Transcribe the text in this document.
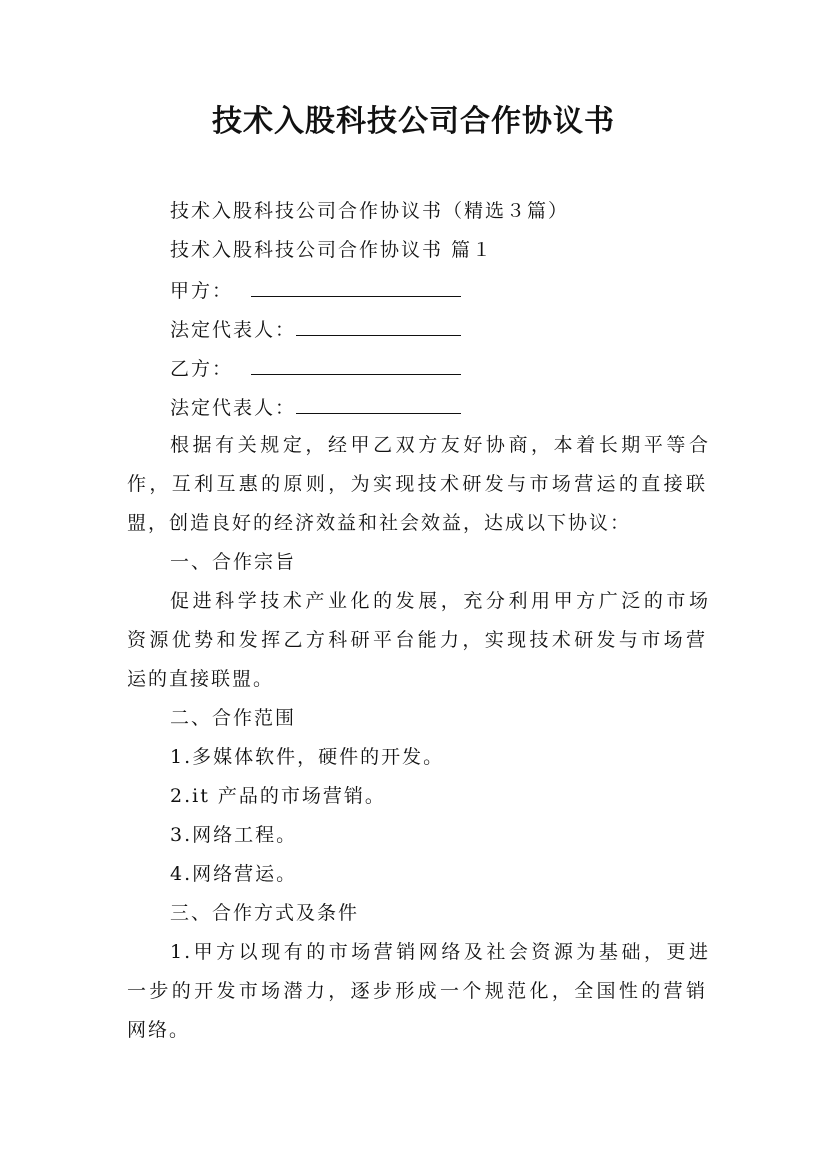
技术入股科技公司合作协议书
技术入股科技公司合作协议书（精选３篇）
技术入股科技公司合作协议书 篇１
甲方：
法定代表人：
乙方：
法定代表人：
根据有关规定，经甲乙双方友好协商，本着长期平等合
作，互利互惠的原则，为实现技术研发与市场营运的直接联
盟，创造良好的经济效益和社会效益，达成以下协议：
一、合作宗旨
促进科学技术产业化的发展，充分利用甲方广泛的市场
资源优势和发挥乙方科研平台能力，实现技术研发与市场营
运的直接联盟。
二、合作范围
1.多媒体软件，硬件的开发。
2.it 产品的市场营销。
3.网络工程。
4.网络营运。
三、合作方式及条件
1.甲方以现有的市场营销网络及社会资源为基础，更进
一步的开发市场潜力，逐步形成一个规范化，全国性的营销
网络。
